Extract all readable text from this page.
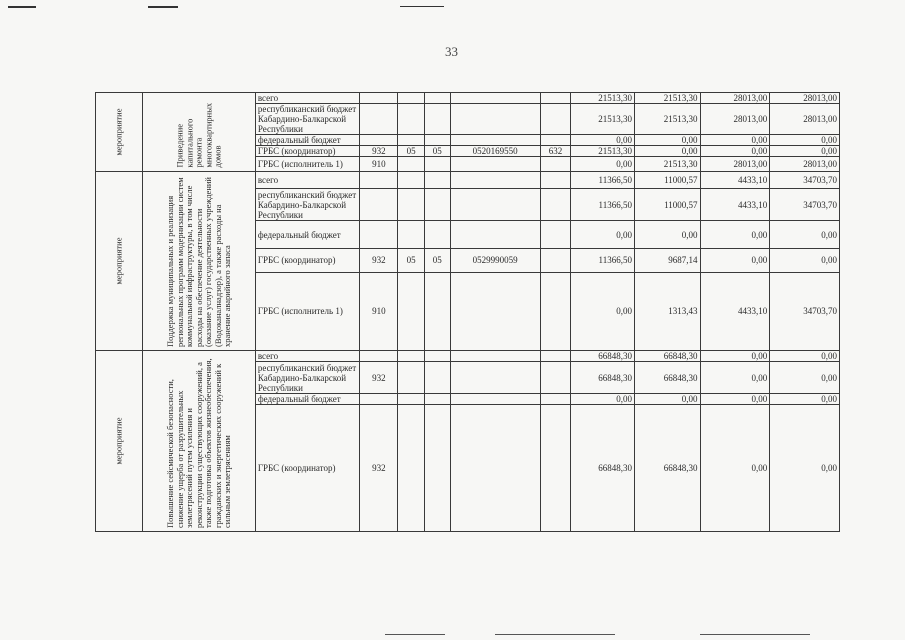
33
мероприятие	Приведение капитального ремонта многоквартирных домов	всего						21513,30	21513,30	28013,00	28013,00
		республиканский бюджет Кабардино-Балкарской Республики						21513,30	21513,30	28013,00	28013,00
		федеральный бюджет						0,00	0,00	0,00	0,00
		ГРБС (координатор)	932	05	05	0520169550	632	21513,30	0,00	0,00	0,00
		ГРБС (исполнитель 1)	910					0,00	21513,30	28013,00	28013,00

мероприятие	Поддержка муниципальных и реализация региональных программ модернизации систем коммунальной инфраструктуры, в том числе расходы на обеспечение деятельности (оказание услуг) государственных учреждений (Водоканалнадзор), а также расходы на хранение аварийного запаса	всего						11366,50	11000,57	4433,10	34703,70
		республиканский бюджет Кабардино-Балкарской Республики						11366,50	11000,57	4433,10	34703,70
		федеральный бюджет						0,00	0,00	0,00	0,00
		ГРБС (координатор)	932	05	05	0529990059		11366,50	9687,14	0,00	0,00
		ГРБС (исполнитель 1)	910					0,00	1313,43	4433,10	34703,70

мероприятие	Повышение сейсмической безопасности, снижение ущерба от разрушительных землетрясений путем усиления и реконструкции существующих сооружений, а также подготовка объектов жизнеобеспечения, гражданских и энергетических сооружений к сильным землетрясениям	всего						66848,30	66848,30	0,00	0,00
		республиканский бюджет Кабардино-Балкарской Республики	932					66848,30	66848,30	0,00	0,00
		федеральный бюджет						0,00	0,00	0,00	0,00
		ГРБС (координатор)	932					66848,30	66848,30	0,00	0,00
